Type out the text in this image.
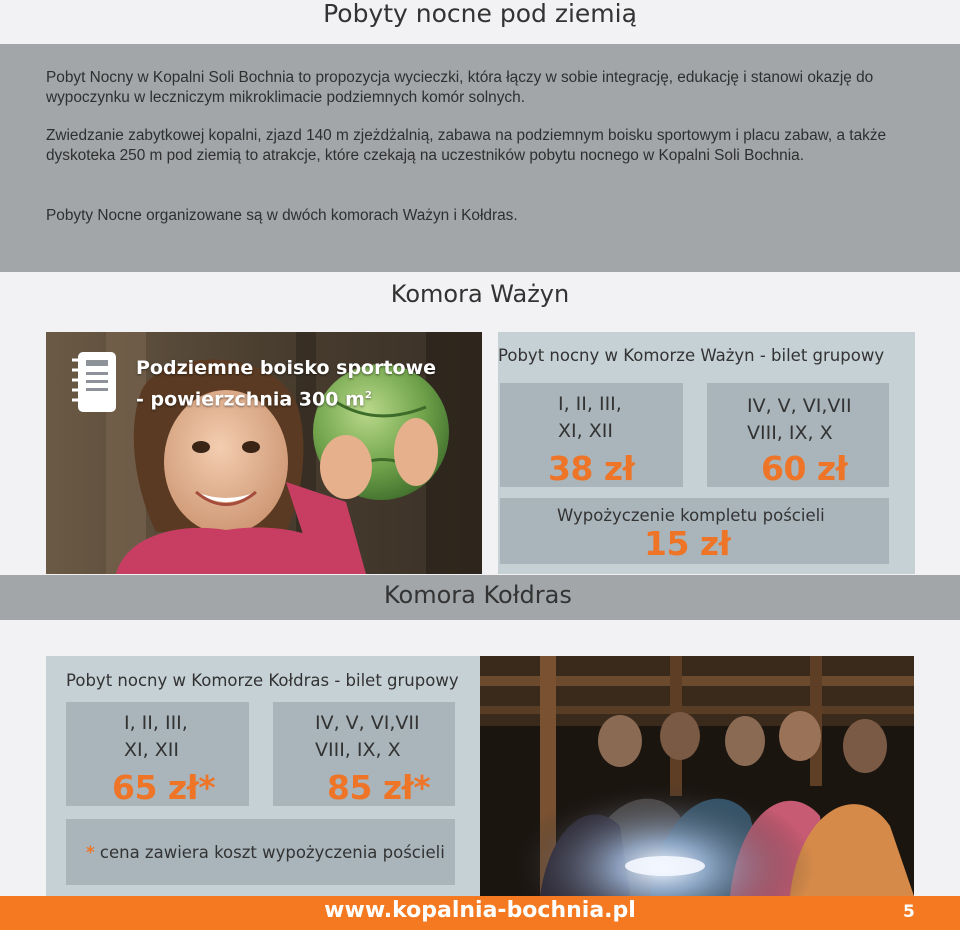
Pobyty nocne pod ziemią

Pobyt Nocny w Kopalni Soli Bochnia to propozycja wycieczki, która łączy w sobie integrację, edukację i stanowi okazję do wypoczynku w leczniczym mikroklimacie podziemnych komór solnych.

Zwiedzanie zabytkowej kopalni, zjazd 140 m zjeżdżalnią, zabawa na podziemnym boisku sportowym i placu zabaw, a także dyskoteka 250 m pod ziemią to atrakcje, które czekają na uczestników pobytu nocnego w Kopalni Soli Bochnia.

Pobyty Nocne organizowane są w dwóch komorach Ważyn i Kołdras.

Komora Ważyn
Podziemne boisko sportowe
- powierzchnia 300 $m^2$
Pobyt nocny w Komorze Ważyn - bilet grupowy
I, II, III,
XI, XII
38 zł
IV, V, VI,VII
VIII, IX, X
60 zł
Wypożyczenie kompletu pościeli
15 zł
Komora Kołdras
Pobyt nocny w Komorze Kołdras - bilet grupowy
I, II, III,
XI, XII
65 zł*
IV, V, VI,VII
VIII, IX, X
85 zł*
* cena zawiera koszt wypożyczenia pościeli
www.kopalnia-bochnia.pl	5
